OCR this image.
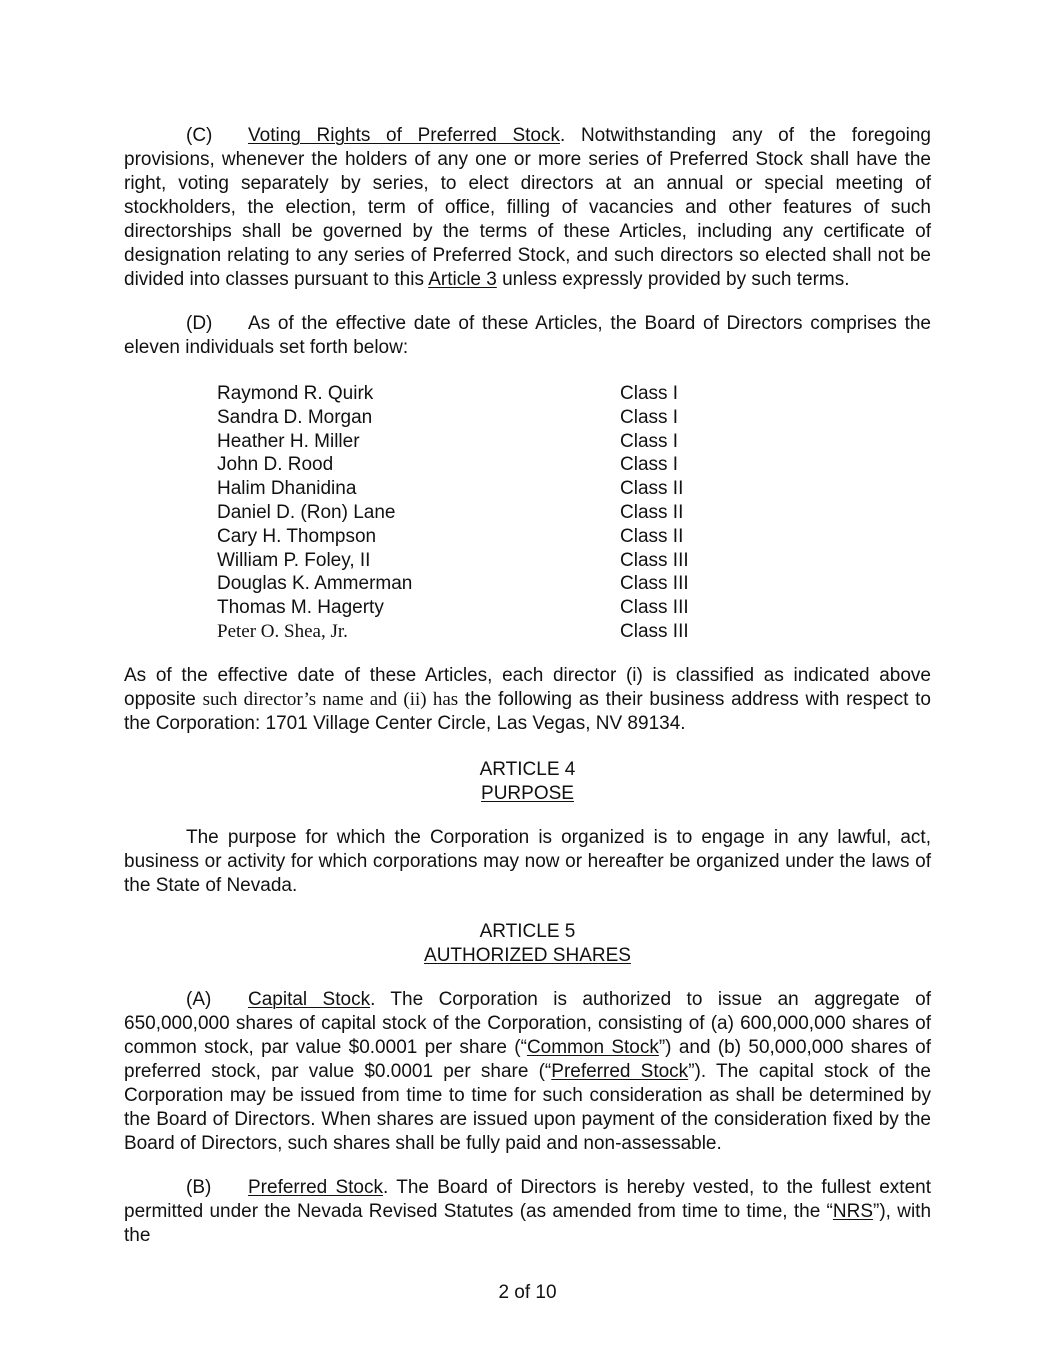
(C) Voting Rights of Preferred Stock. Notwithstanding any of the foregoing provisions, whenever the holders of any one or more series of Preferred Stock shall have the right, voting separately by series, to elect directors at an annual or special meeting of stockholders, the election, term of office, filling of vacancies and other features of such directorships shall be governed by the terms of these Articles, including any certificate of designation relating to any series of Preferred Stock, and such directors so elected shall not be divided into classes pursuant to this Article 3 unless expressly provided by such terms.

(D) As of the effective date of these Articles, the Board of Directors comprises the eleven individuals set forth below:

Raymond R. Quirk	Class I
Sandra D. Morgan	Class I
Heather H. Miller	Class I
John D. Rood	Class I
Halim Dhanidina	Class II
Daniel D. (Ron) Lane	Class II
Cary H. Thompson	Class II
William P. Foley, II	Class III
Douglas K. Ammerman	Class III
Thomas M. Hagerty	Class III
Peter O. Shea, Jr.	Class III

As of the effective date of these Articles, each director (i) is classified as indicated above opposite such director’s name and (ii) has the following as their business address with respect to the Corporation: 1701 Village Center Circle, Las Vegas, NV 89134.

ARTICLE 4
PURPOSE

The purpose for which the Corporation is organized is to engage in any lawful, act, business or activity for which corporations may now or hereafter be organized under the laws of the State of Nevada.

ARTICLE 5
AUTHORIZED SHARES

(A) Capital Stock. The Corporation is authorized to issue an aggregate of 650,000,000 shares of capital stock of the Corporation, consisting of (a) 600,000,000 shares of common stock, par value $0.0001 per share (“Common Stock”) and (b) 50,000,000 shares of preferred stock, par value $0.0001 per share (“Preferred Stock”). The capital stock of the Corporation may be issued from time to time for such consideration as shall be determined by the Board of Directors. When shares are issued upon payment of the consideration fixed by the Board of Directors, such shares shall be fully paid and non-assessable.

(B) Preferred Stock. The Board of Directors is hereby vested, to the fullest extent permitted under the Nevada Revised Statutes (as amended from time to time, the “NRS”), with the

2 of 10
